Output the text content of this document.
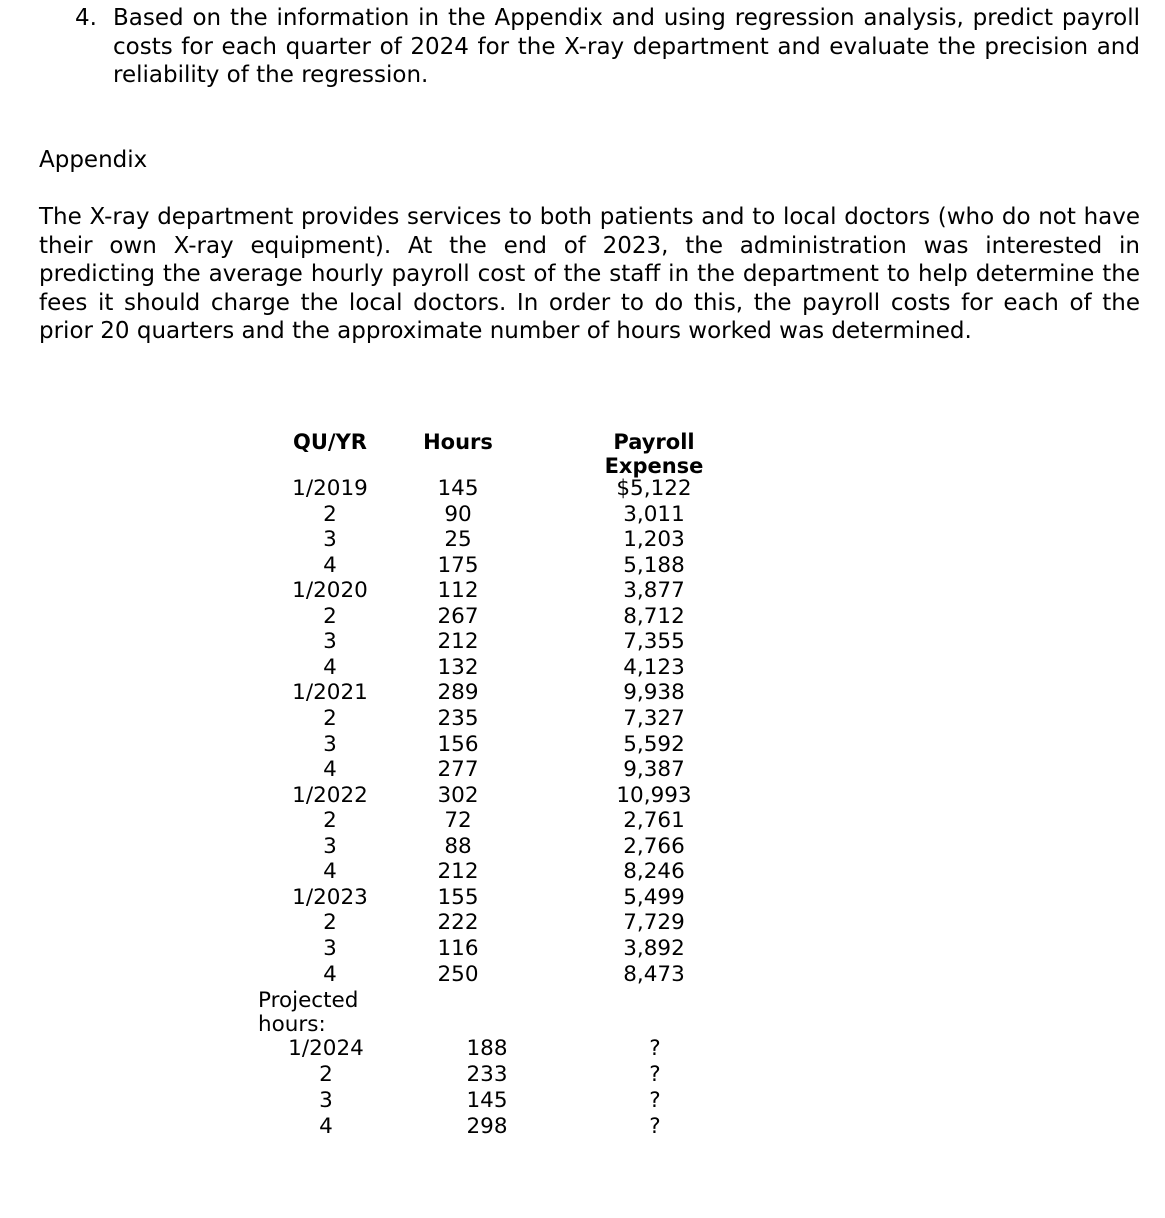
4. Based on the information in the Appendix and using regression analysis, predict payroll costs for each quarter of 2024 for the X-ray department and evaluate the precision and reliability of the regression.
Appendix
The X-ray department provides services to both patients and to local doctors (who do not have their own X-ray equipment). At the end of 2023, the administration was interested in predicting the average hourly payroll cost of the staff in the department to help determine the fees it should charge the local doctors. In order to do this, the payroll costs for each of the prior 20 quarters and the approximate number of hours worked was determined.
QU/YR	Hours	Payroll
Expense
1/2019	145	$5,122
2	90	3,011
3	25	1,203
4	175	5,188
1/2020	112	3,877
2	267	8,712
3	212	7,355
4	132	4,123
1/2021	289	9,938
2	235	7,327
3	156	5,592
4	277	9,387
1/2022	302	10,993
2	72	2,761
3	88	2,766
4	212	8,246
1/2023	155	5,499
2	222	7,729
3	116	3,892
4	250	8,473
Projected
hours:
1/2024	188	?
2	233	?
3	145	?
4	298	?
